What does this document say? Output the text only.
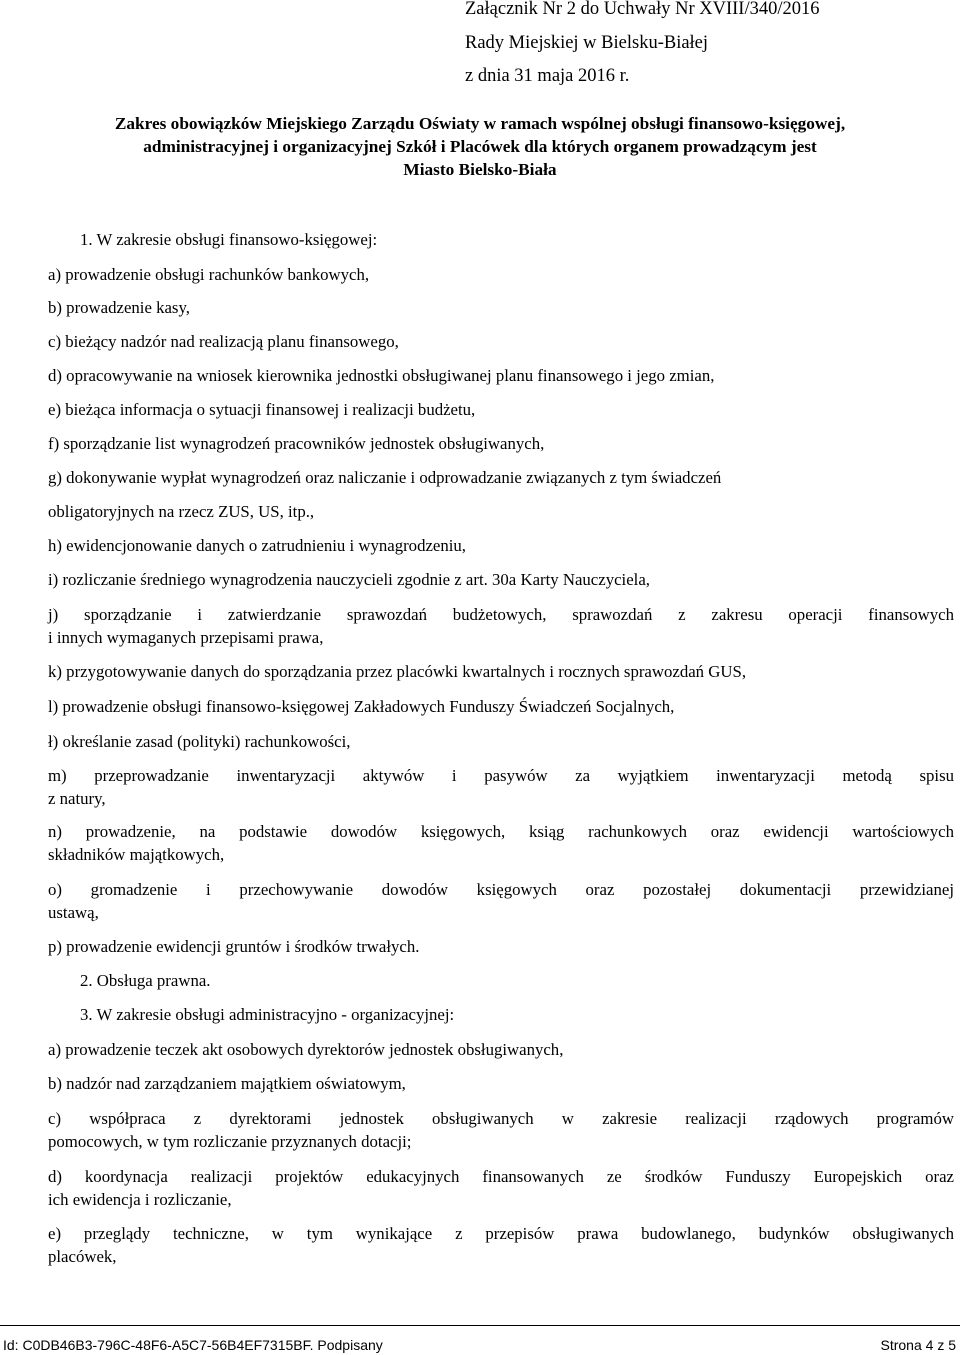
Załącznik Nr 2 do Uchwały Nr XVIII/340/2016
Rady Miejskiej w Bielsku-Białej
z dnia 31 maja 2016 r.
Zakres obowiązków Miejskiego Zarządu Oświaty w ramach wspólnej obsługi finansowo-księgowej,
administracyjnej i organizacyjnej Szkół i Placówek dla których organem prowadzącym jest
Miasto Bielsko-Biała
1. W zakresie obsługi finansowo-księgowej:
a) prowadzenie obsługi rachunków bankowych,
b) prowadzenie kasy,
c) bieżący nadzór nad realizacją planu finansowego,
d) opracowywanie na wniosek kierownika jednostki obsługiwanej planu finansowego i jego zmian,
e) bieżąca informacja o sytuacji finansowej i realizacji budżetu,
f) sporządzanie list wynagrodzeń pracowników jednostek obsługiwanych,
g) dokonywanie wypłat wynagrodzeń oraz naliczanie i odprowadzanie związanych z tym świadczeń
obligatoryjnych na rzecz ZUS, US, itp.,
h) ewidencjonowanie danych o zatrudnieniu i wynagrodzeniu,
i) rozliczanie średniego wynagrodzenia nauczycieli zgodnie z art. 30a Karty Nauczyciela,
j) sporządzanie i zatwierdzanie sprawozdań budżetowych, sprawozdań z zakresu operacji finansowych
i innych wymaganych przepisami prawa,
k) przygotowywanie danych do sporządzania przez placówki kwartalnych i rocznych sprawozdań GUS,
l) prowadzenie obsługi finansowo-księgowej Zakładowych Funduszy Świadczeń Socjalnych,
ł) określanie zasad (polityki) rachunkowości,
m) przeprowadzanie inwentaryzacji aktywów i pasywów za wyjątkiem inwentaryzacji metodą spisu
z natury,
n) prowadzenie, na podstawie dowodów księgowych, ksiąg rachunkowych oraz ewidencji wartościowych
składników majątkowych,
o) gromadzenie i przechowywanie dowodów księgowych oraz pozostałej dokumentacji przewidzianej
ustawą,
p) prowadzenie ewidencji gruntów i środków trwałych.
2. Obsługa prawna.
3. W zakresie obsługi administracyjno - organizacyjnej:
a) prowadzenie teczek akt osobowych dyrektorów jednostek obsługiwanych,
b) nadzór nad zarządzaniem majątkiem oświatowym,
c) współpraca z dyrektorami jednostek obsługiwanych w zakresie realizacji rządowych programów
pomocowych, w tym rozliczanie przyznanych dotacji;
d) koordynacja realizacji projektów edukacyjnych finansowanych ze środków Funduszy Europejskich oraz
ich ewidencja i rozliczanie,
e) przeglądy techniczne, w tym wynikające z przepisów prawa budowlanego, budynków obsługiwanych
placówek,
Id: C0DB46B3-796C-48F6-A5C7-56B4EF7315BF. Podpisany	Strona 4 z 5
